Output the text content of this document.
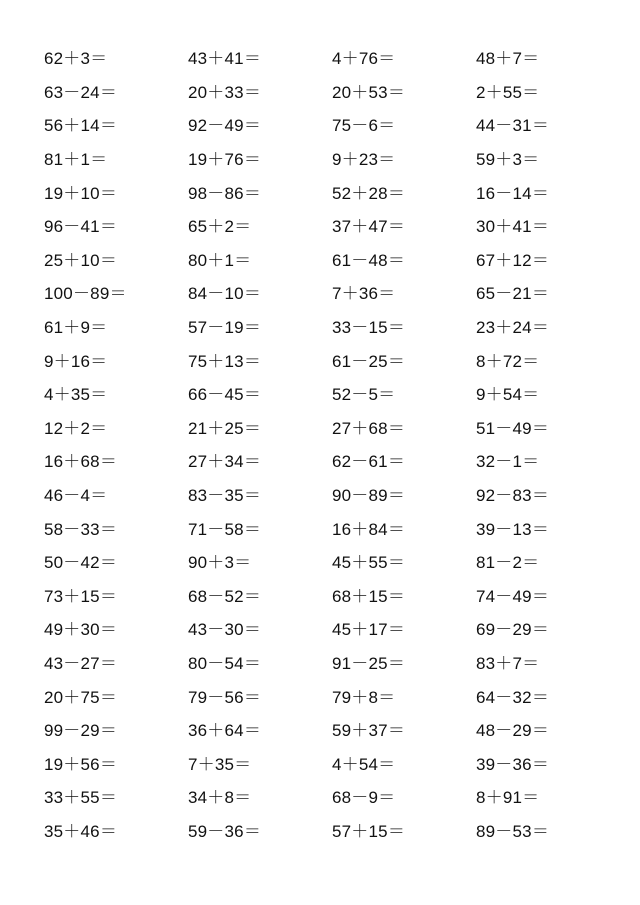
62＋3＝	43＋41＝	4＋76＝	48＋7＝
63－24＝	20＋33＝	20＋53＝	2＋55＝
56＋14＝	92－49＝	75－6＝	44－31＝
81＋1＝	19＋76＝	9＋23＝	59＋3＝
19＋10＝	98－86＝	52＋28＝	16－14＝
96－41＝	65＋2＝	37＋47＝	30＋41＝
25＋10＝	80＋1＝	61－48＝	67＋12＝
100－89＝	84－10＝	7＋36＝	65－21＝
61＋9＝	57－19＝	33－15＝	23＋24＝
9＋16＝	75＋13＝	61－25＝	8＋72＝
4＋35＝	66－45＝	52－5＝	9＋54＝
12＋2＝	21＋25＝	27＋68＝	51－49＝
16＋68＝	27＋34＝	62－61＝	32－1＝
46－4＝	83－35＝	90－89＝	92－83＝
58－33＝	71－58＝	16＋84＝	39－13＝
50－42＝	90＋3＝	45＋55＝	81－2＝
73＋15＝	68－52＝	68＋15＝	74－49＝
49＋30＝	43－30＝	45＋17＝	69－29＝
43－27＝	80－54＝	91－25＝	83＋7＝
20＋75＝	79－56＝	79＋8＝	64－32＝
99－29＝	36＋64＝	59＋37＝	48－29＝
19＋56＝	7＋35＝	4＋54＝	39－36＝
33＋55＝	34＋8＝	68－9＝	8＋91＝
35＋46＝	59－36＝	57＋15＝	89－53＝
